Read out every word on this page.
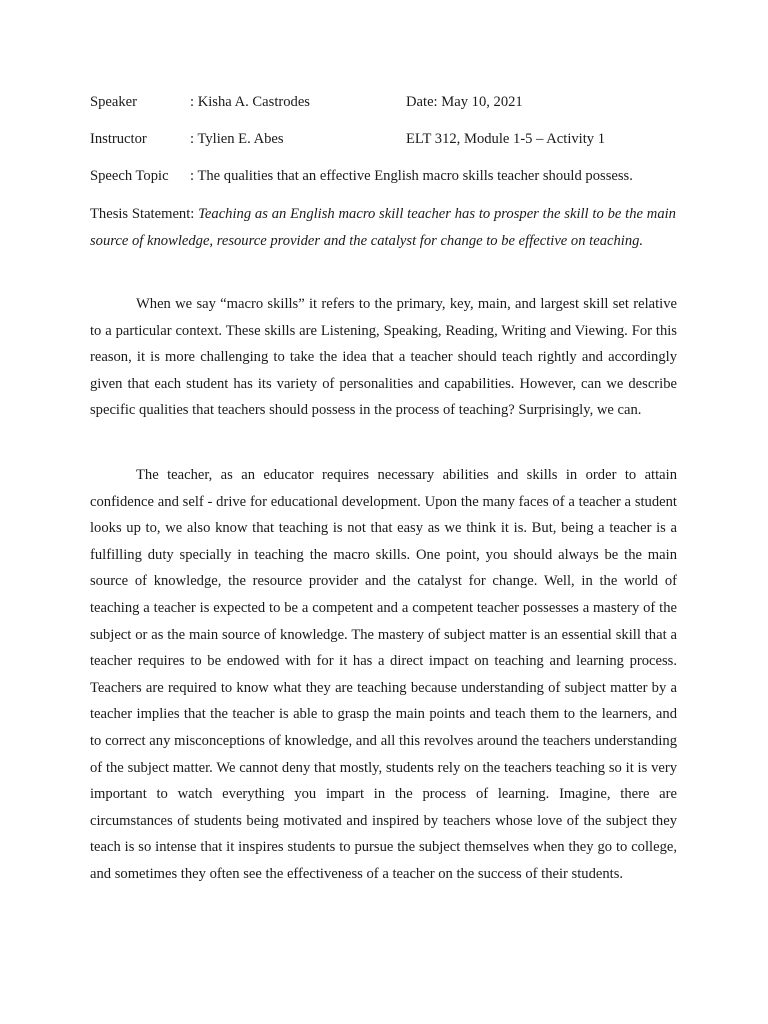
Speaker	: Kisha A. Castrodes	Date: May 10, 2021
Instructor	: Tylien E. Abes	ELT 312, Module 1-5 – Activity 1
Speech Topic : The qualities that an effective English macro skills teacher should possess.
Thesis Statement: Teaching as an English macro skill teacher has to prosper the skill to be the main source of knowledge, resource provider and the catalyst for change to be effective on teaching.

When we say “macro skills” it refers to the primary, key, main, and largest skill set relative to a particular context. These skills are Listening, Speaking, Reading, Writing and Viewing. For this reason, it is more challenging to take the idea that a teacher should teach rightly and accordingly given that each student has its variety of personalities and capabilities. However, can we describe specific qualities that teachers should possess in the process of teaching? Surprisingly, we can.

The teacher, as an educator requires necessary abilities and skills in order to attain confidence and self - drive for educational development. Upon the many faces of a teacher a student looks up to, we also know that teaching is not that easy as we think it is. But, being a teacher is a fulfilling duty specially in teaching the macro skills. One point, you should always be the main source of knowledge, the resource provider and the catalyst for change. Well, in the world of teaching a teacher is expected to be a competent and a competent teacher possesses a mastery of the subject or as the main source of knowledge. The mastery of subject matter is an essential skill that a teacher requires to be endowed with for it has a direct impact on teaching and learning process. Teachers are required to know what they are teaching because understanding of subject matter by a teacher implies that the teacher is able to grasp the main points and teach them to the learners, and to correct any misconceptions of knowledge, and all this revolves around the teachers understanding of the subject matter. We cannot deny that mostly, students rely on the teachers teaching so it is very important to watch everything you impart in the process of learning. Imagine, there are circumstances of students being motivated and inspired by teachers whose love of the subject they teach is so intense that it inspires students to pursue the subject themselves when they go to college, and sometimes they often see the effectiveness of a teacher on the success of their students.
